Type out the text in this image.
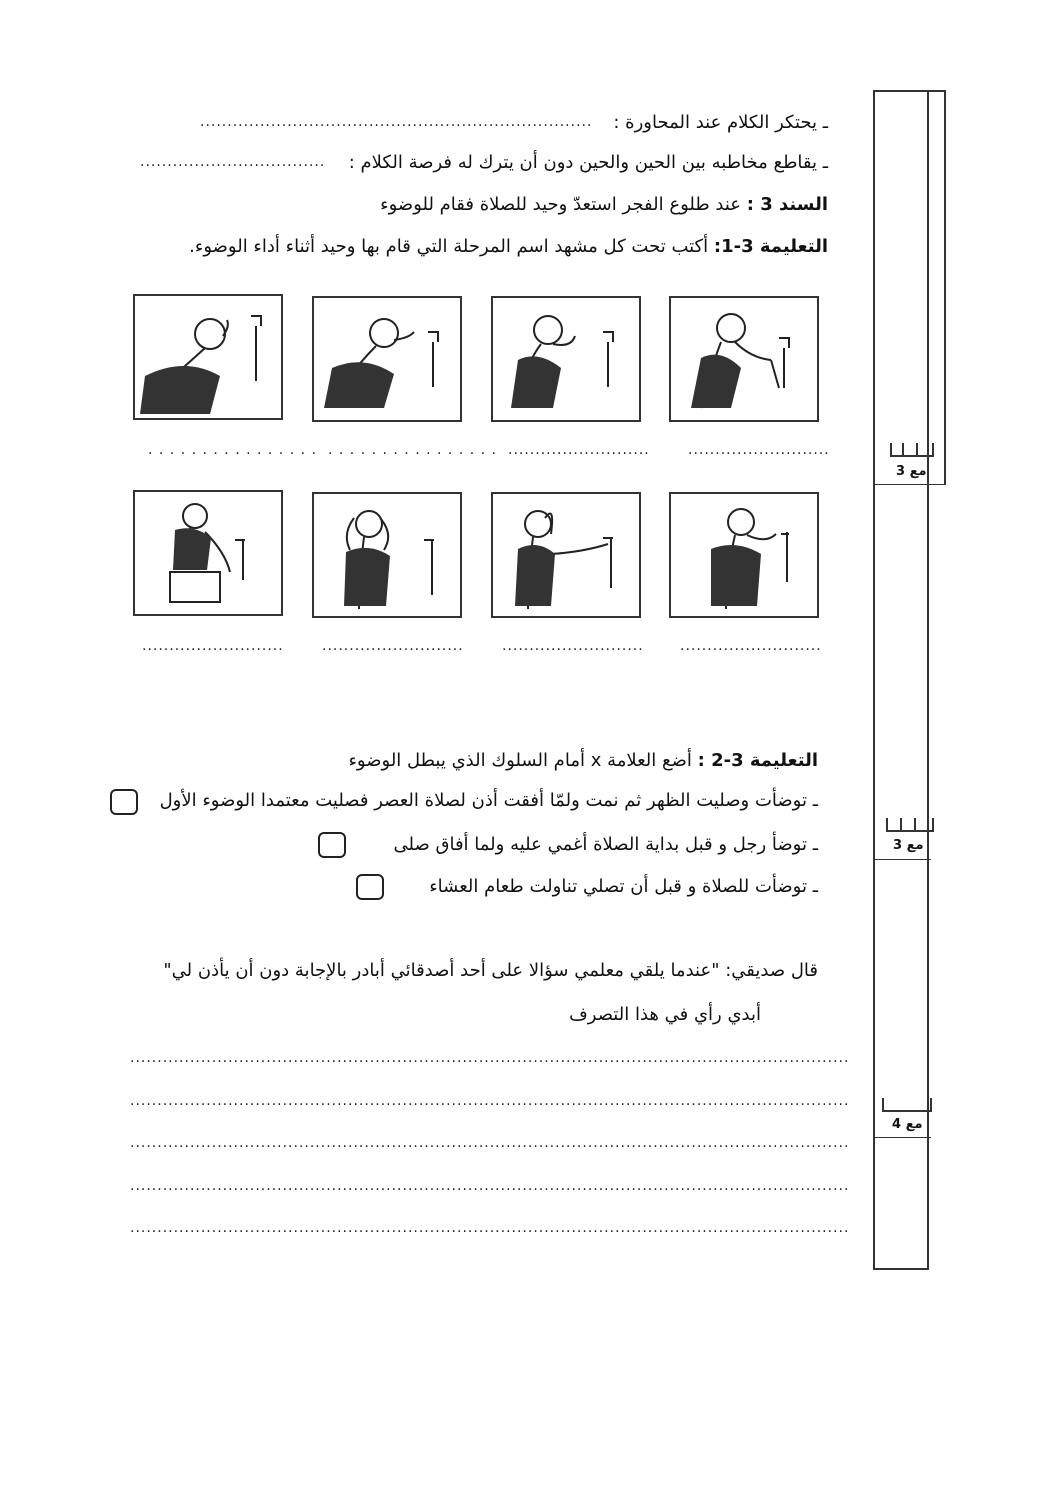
ـ يحتكر الكلام عند المحاورة :
........................................................................
ـ يقاطع مخاطبه بين الحين والحين دون أن يترك له فرصة الكلام :
..................................
السند 3 : عند طلوع الفجر استعدّ وحيد للصلاة فقام للوضوء
التعليمة 3-1: أكتب تحت كل مشهد اسم المرحلة التي قام بها وحيد أثناء أداء الوضوء.
..........................
..........................
. . . . . . . . . . . . . . . .
. . . . . . . . . . . . . . . .
..........................
..........................
..........................
..........................
التعليمة 3-2 : أضع العلامة x أمام السلوك الذي يبطل الوضوء
ـ توضأت وصليت الظهر ثم نمت ولمّا أفقت أذن لصلاة العصر فصليت معتمدا الوضوء الأول
ـ توضأ رجل و قبل بداية الصلاة أغمي عليه ولما أفاق صلى
ـ توضأت للصلاة و قبل أن تصلي تناولت طعام العشاء
قال صديقي: "عندما يلقي معلمي سؤالا على أحد أصدقائي أبادر بالإجابة دون أن يأذن لي"
أبدي رأي في هذا التصرف
....................................................................................................................................
....................................................................................................................................
....................................................................................................................................
....................................................................................................................................
....................................................................................................................................
مع 3
مع 3
مع 4
